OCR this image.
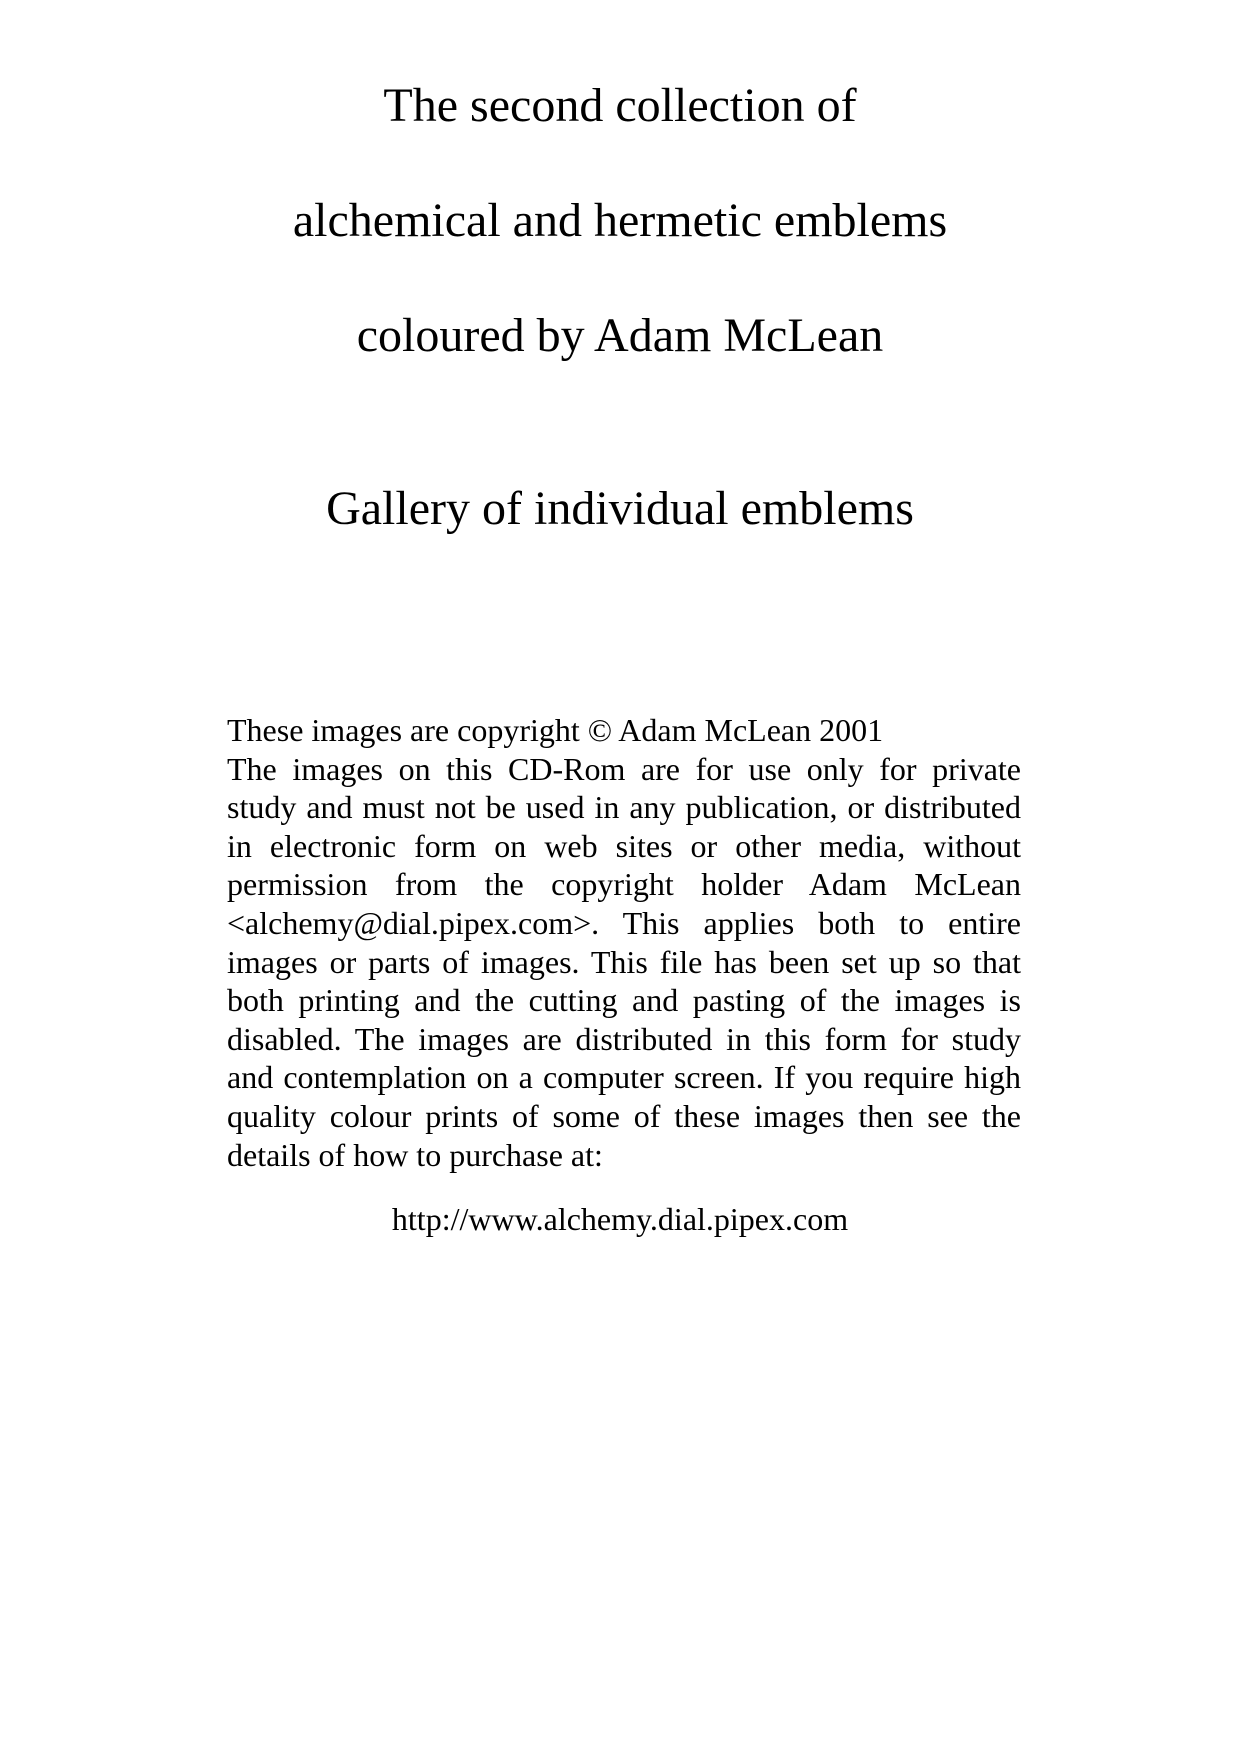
The second collection of
alchemical and hermetic emblems
coloured by Adam McLean
Gallery of individual emblems
These images are copyright © Adam McLean 2001
The images on this CD-Rom are for use only for private study and must not be used in any publication, or distributed in electronic form on web sites or other media, without permission from the copyright holder Adam McLean <alchemy@dial.pipex.com>. This applies both to entire images or parts of images. This file has been set up so that both printing and the cutting and pasting of the images is disabled. The images are distributed in this form for study and contemplation on a computer screen. If you require high quality colour prints of some of these images then see the details of how to purchase at:
http://www.alchemy.dial.pipex.com
